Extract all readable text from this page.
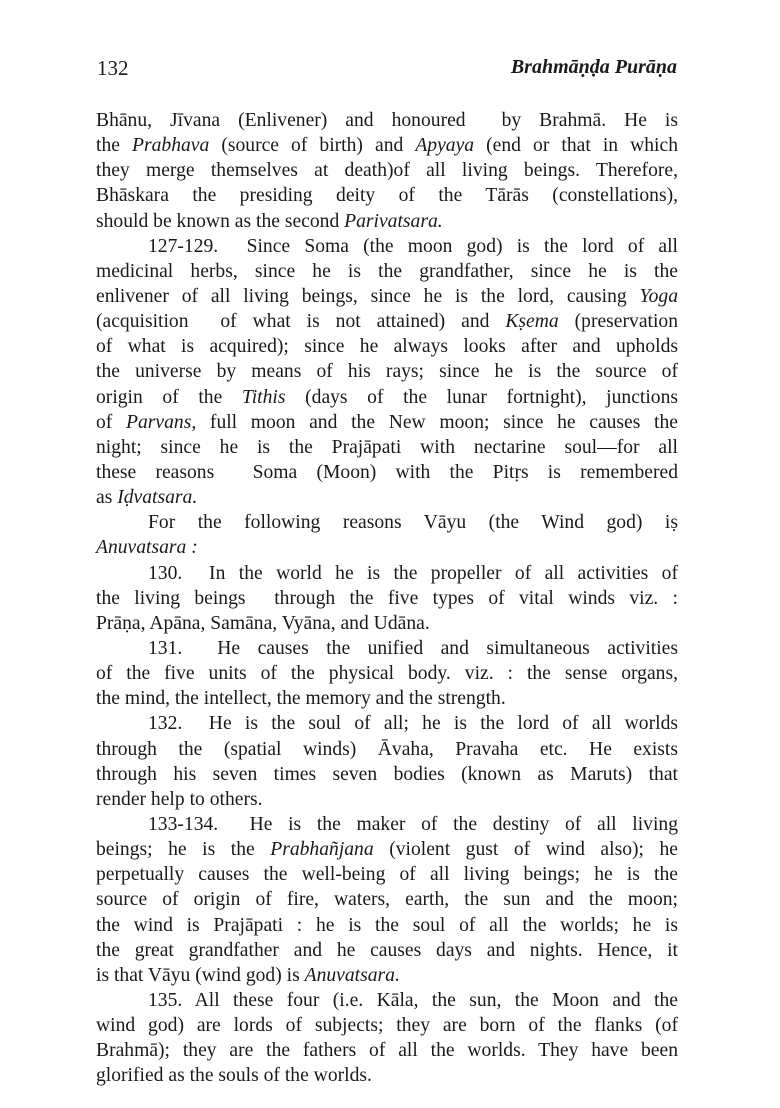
132	Brahmāṇḍa Purāṇa
Bhānu, Jīvana (Enlivener) and honoured  by Brahmā. He is
the Prabhava (source of birth) and Apyaya (end or that in which
they merge themselves at death)of all living beings. Therefore,
Bhāskara the presiding deity of the Tārās (constellations),
should be known as the second Parivatsara.
127-129.  Since Soma (the moon god) is the lord of all
medicinal herbs, since he is the grandfather, since he is the
enlivener of all living beings, since he is the lord, causing Yoga
(acquisition  of what is not attained) and Kṣema (preservation
of what is acquired); since he always looks after and upholds
the universe by means of his rays; since he is the source of
origin of the Tithis (days of the lunar fortnight), junctions
of Parvans, full moon and the New moon; since he causes the
night; since he is the Prajāpati with nectarine soul—for all
these reasons  Soma (Moon) with the Pitṛs is remembered
as Iḍvatsara.
For the following reasons Vāyu (the Wind god) iṣ
Anuvatsara :
130.  In the world he is the propeller of all activities of
the living beings  through the five types of vital winds viz. :
Prāṇa, Apāna, Samāna, Vyāna, and Udāna.
131.  He causes the unified and simultaneous activities
of the five units of the physical body. viz. : the sense organs,
the mind, the intellect, the memory and the strength.
132.  He is the soul of all; he is the lord of all worlds
through the (spatial winds) Āvaha, Pravaha etc. He exists
through his seven times seven bodies (known as Maruts) that
render help to others.
133-134.  He is the maker of the destiny of all living
beings; he is the Prabhañjana (violent gust of wind also); he
perpetually causes the well-being of all living beings; he is the
source of origin of fire, waters, earth, the sun and the moon;
the wind is Prajāpati : he is the soul of all the worlds; he is
the great grandfather and he causes days and nights. Hence, it
is that Vāyu (wind god) is Anuvatsara.
135. All these four (i.e. Kāla, the sun, the Moon and the
wind god) are lords of subjects; they are born of the flanks (of
Brahmā); they are the fathers of all the worlds. They have been
glorified as the souls of the worlds.
